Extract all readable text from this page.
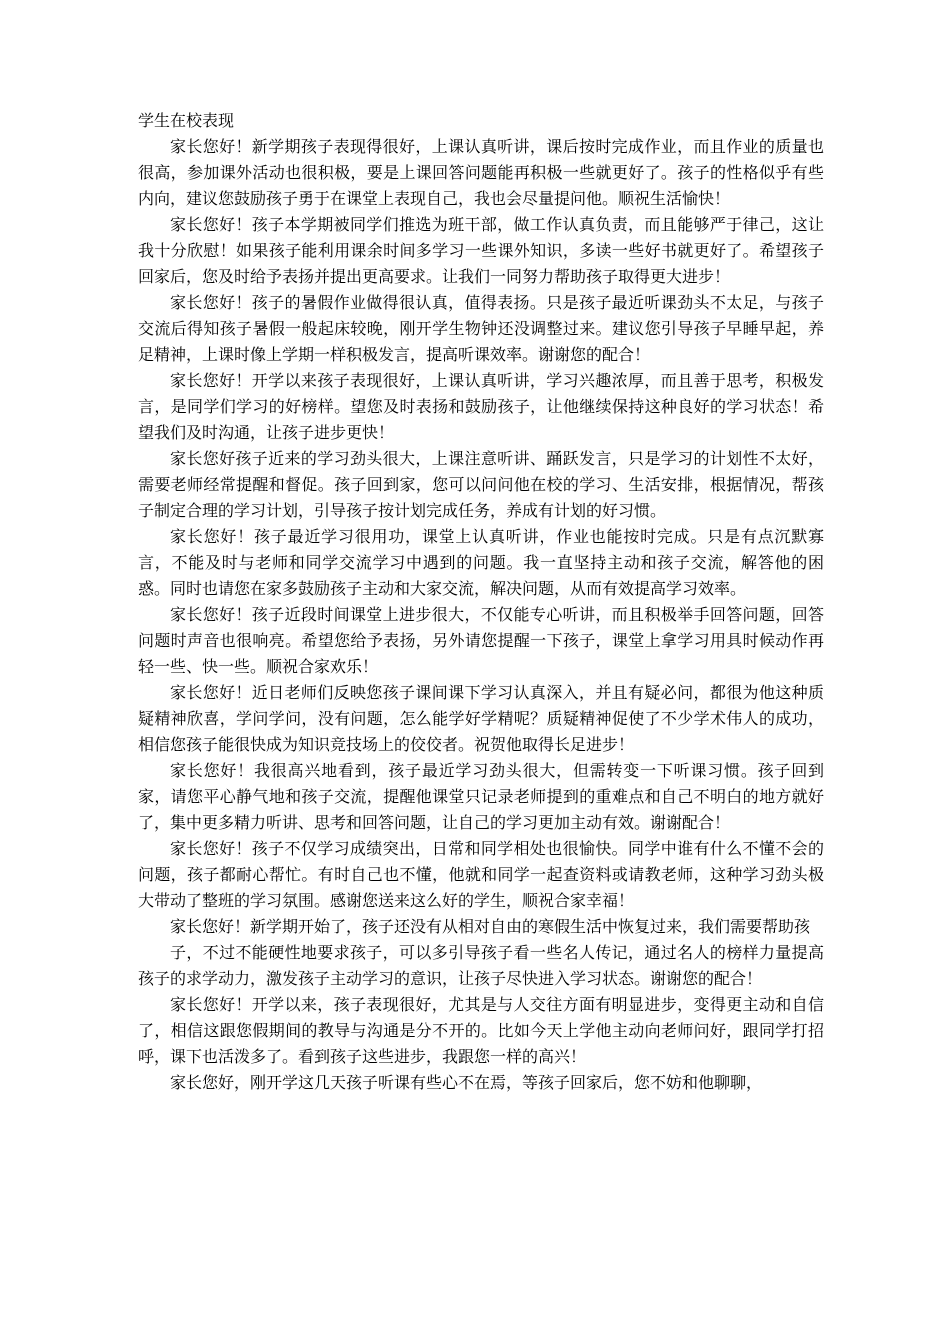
学生在校表现

家长您好！新学期孩子表现得很好，上课认真听讲，课后按时完成作业，而且作业的质量也很高，参加课外活动也很积极，要是上课回答问题能再积极一些就更好了。孩子的性格似乎有些内向，建议您鼓励孩子勇于在课堂上表现自己，我也会尽量提问他。顺祝生活愉快！

家长您好！孩子本学期被同学们推选为班干部，做工作认真负责，而且能够严于律己，这让我十分欣慰！如果孩子能利用课余时间多学习一些课外知识，多读一些好书就更好了。希望孩子回家后，您及时给予表扬并提出更高要求。让我们一同努力帮助孩子取得更大进步！

家长您好！孩子的暑假作业做得很认真，值得表扬。只是孩子最近听课劲头不太足，与孩子交流后得知孩子暑假一般起床较晚，刚开学生物钟还没调整过来。建议您引导孩子早睡早起，养足精神，上课时像上学期一样积极发言，提高听课效率。谢谢您的配合！

家长您好！开学以来孩子表现很好，上课认真听讲，学习兴趣浓厚，而且善于思考，积极发言，是同学们学习的好榜样。望您及时表扬和鼓励孩子，让他继续保持这种良好的学习状态！希望我们及时沟通，让孩子进步更快！

家长您好孩子近来的学习劲头很大，上课注意听讲、踊跃发言，只是学习的计划性不太好，需要老师经常提醒和督促。孩子回到家，您可以问问他在校的学习、生活安排，根据情况，帮孩子制定合理的学习计划，引导孩子按计划完成任务，养成有计划的好习惯。

家长您好！孩子最近学习很用功，课堂上认真听讲，作业也能按时完成。只是有点沉默寡言，不能及时与老师和同学交流学习中遇到的问题。我一直坚持主动和孩子交流，解答他的困惑。同时也请您在家多鼓励孩子主动和大家交流，解决问题，从而有效提高学习效率。

家长您好！孩子近段时间课堂上进步很大，不仅能专心听讲，而且积极举手回答问题，回答问题时声音也很响亮。希望您给予表扬，另外请您提醒一下孩子，课堂上拿学习用具时候动作再轻一些、快一些。顺祝合家欢乐！

家长您好！近日老师们反映您孩子课间课下学习认真深入，并且有疑必问，都很为他这种质疑精神欣喜，学问学问，没有问题，怎么能学好学精呢？质疑精神促使了不少学术伟人的成功，相信您孩子能很快成为知识竞技场上的佼佼者。祝贺他取得长足进步！

家长您好！我很高兴地看到，孩子最近学习劲头很大，但需转变一下听课习惯。孩子回到家，请您平心静气地和孩子交流，提醒他课堂只记录老师提到的重难点和自己不明白的地方就好了，集中更多精力听讲、思考和回答问题，让自己的学习更加主动有效。谢谢配合！

家长您好！孩子不仅学习成绩突出，日常和同学相处也很愉快。同学中谁有什么不懂不会的问题，孩子都耐心帮忙。有时自己也不懂，他就和同学一起查资料或请教老师，这种学习劲头极大带动了整班的学习氛围。感谢您送来这么好的学生，顺祝合家幸福！

家长您好！新学期开始了，孩子还没有从相对自由的寒假生活中恢复过来，我们需要帮助孩

子，不过不能硬性地要求孩子，可以多引导孩子看一些名人传记，通过名人的榜样力量提高孩子的求学动力，激发孩子主动学习的意识，让孩子尽快进入学习状态。谢谢您的配合！

家长您好！开学以来，孩子表现很好，尤其是与人交往方面有明显进步，变得更主动和自信了，相信这跟您假期间的教导与沟通是分不开的。比如今天上学他主动向老师问好，跟同学打招呼，课下也活泼多了。看到孩子这些进步，我跟您一样的高兴！

家长您好，刚开学这几天孩子听课有些心不在焉，等孩子回家后，您不妨和他聊聊，
